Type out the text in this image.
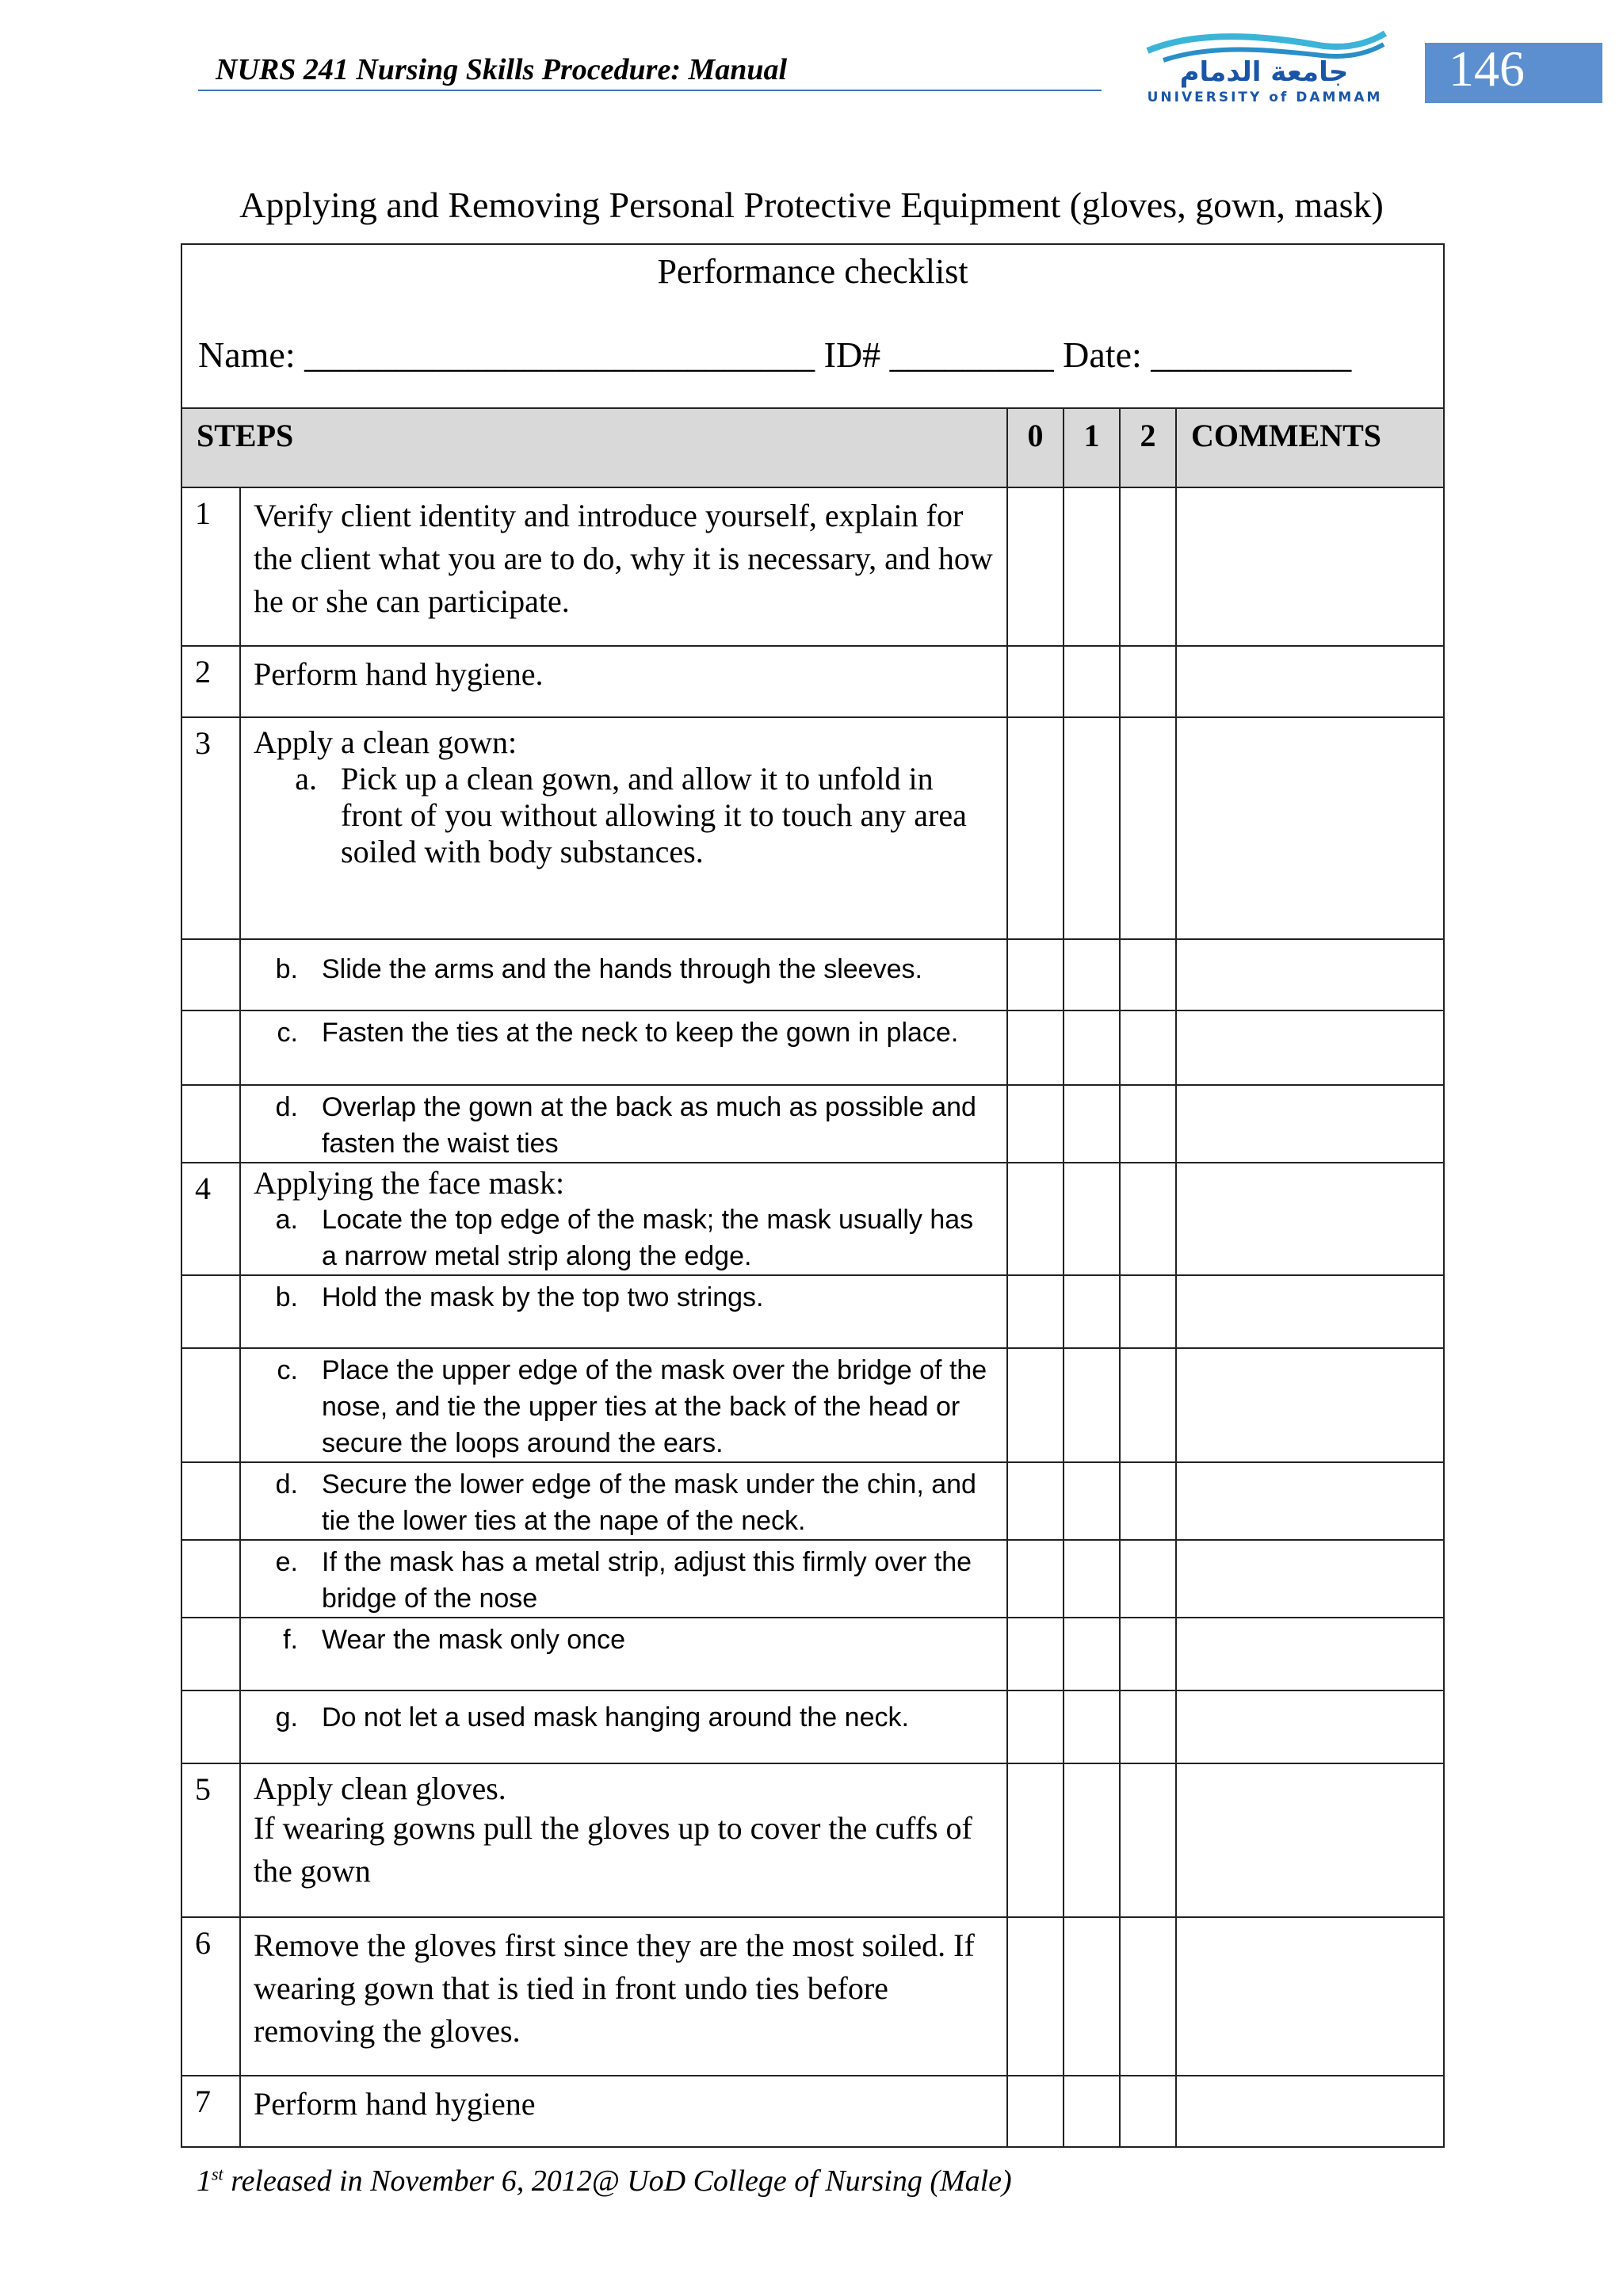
NURS 241 Nursing Skills Procedure: Manual	جامعة الدمام
UNIVERSITY of DAMMAM
146
Applying and Removing Personal Protective Equipment (gloves, gown, mask)
Performance checklist
Name: ____________________________ ID# _________ Date: ___________					

STEPS		0	1	2	COMMENTS
1	Verify client identity and introduce yourself, explain for the client what you are to do, why it is necessary, and how he or she can participate.				
2	Perform hand hygiene.				
3	Apply a clean gown:
a. Pick up a clean gown, and allow it to unfold in front of you without allowing it to touch any area soiled with body substances.				

	b. Slide the arms and the hands through the sleeves.				

	c. Fasten the ties at the neck to keep the gown in place.				

	d. Overlap the gown at the back as much as possible and fasten the waist ties				

4	Applying the face mask:
a. Locate the top edge of the mask; the mask usually has a narrow metal strip along the edge.				

	b. Hold the mask by the top two strings.				

	c. Place the upper edge of the mask over the bridge of the nose, and tie the upper ties at the back of the head or secure the loops around the ears.				

	d. Secure the lower edge of the mask under the chin, and tie the lower ties at the nape of the neck.				

	e. If the mask has a metal strip, adjust this firmly over the bridge of the nose				

	f. Wear the mask only once				

	g. Do not let a used mask hanging around the neck.				

5	Apply clean gloves.
If wearing gowns pull the gloves up to cover the cuffs of the gown				

6	Remove the gloves first since they are the most soiled. If wearing gown that is tied in front undo ties before removing the gloves.				
7	Perform hand hygiene				
1st released in November 6, 2012@ UoD College of Nursing (Male)
